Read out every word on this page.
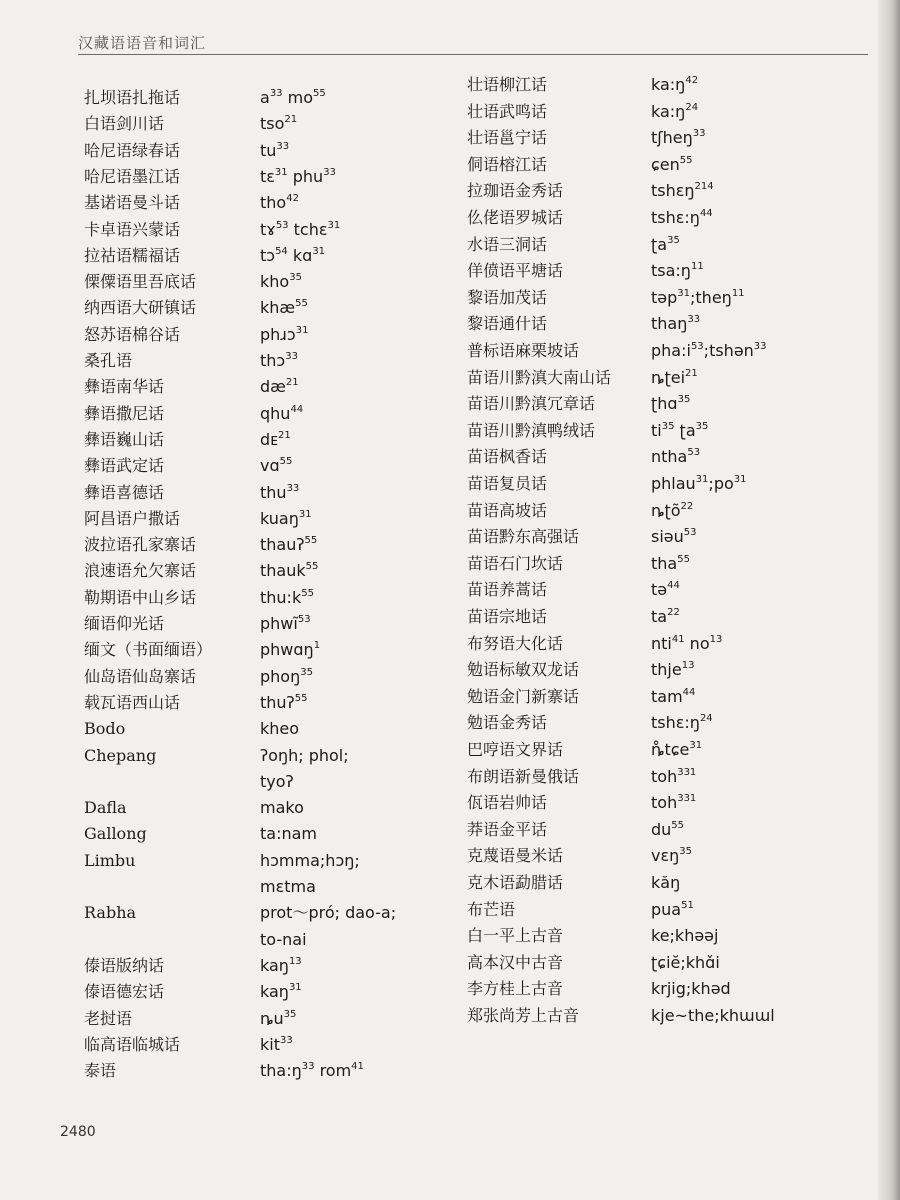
汉藏语语音和词汇
扎坝语扎拖话
白语剑川话
哈尼语绿春话
哈尼语墨江话
基诺语曼斗话
卡卓语兴蒙话
拉祜语糯福话
傈僳语里吾底话
纳西语大研镇话
怒苏语棉谷话
桑孔语
彝语南华话
彝语撒尼话
彝语巍山话
彝语武定话
彝语喜德话
阿昌语户撒话
波拉语孔家寨话
浪速语允欠寨话
勒期语中山乡话
缅语仰光话
缅文（书面缅语）
仙岛语仙岛寨话
载瓦语西山话
Bodo
Chepang
Dafla
Gallong
Limbu
Rabha
傣语版纳话
傣语德宏话
老挝语
临高语临城话
泰语
$a^{33}$ $mo^{55}$
tso$^{21}$
$tu^{33}$
tɛ$^{31}$ phu$^{33}$
tho$^{42}$
tɤ$^{53}$ tchɛ$^{31}$
tɔ$^{54}$ kɑ$^{31}$
kho$^{35}$
khæ$^{55}$
phɹɔ$^{31}$
thɔ$^{33}$
$dæ^{21}$
qhu$^{44}$
dᴇ$^{21}$
vɑ$^{55}$
thu$^{33}$
kuaŋ$^{31}$
thauʔ$^{55}$
thauk$^{55}$
$thu:k^{55}$
phwĩ$^{53}$
phwɑŋ$^1$
phoŋ$^{35}$
thuʔ$^{55}$
kheo
ʔoŋh; phol;
tyoʔ
mako
ta:nam
hɔmma;hɔŋ;
mɛtma
prot～pró; dao-a;
to-nai
kaŋ$^{13}$
kaŋ$^{31}$
$ȵu^{35}$
kit$^{33}$
$tha:ŋ^{33}$ rom$^{41}$
壮语柳江话
壮语武鸣话
壮语邕宁话
侗语榕江话
拉珈语金秀话
仫佬语罗城话
水语三洞话
佯偾语平塘话
黎语加茂话
黎语通什话
普标语麻栗坡话
苗语川黔滇大南山话
苗语川黔滇冗章话
苗语川黔滇鸭绒话
苗语枫香话
苗语复员话
苗语高坡话
苗语黔东高强话
苗语石门坎话
苗语养蒿话
苗语宗地话
布努语大化话
勉语标敏双龙话
勉语金门新寨话
勉语金秀话
巴哼语文界话
布朗语新曼俄话
佤语岩帅话
莽语金平话
克蔑语曼米话
克木语勐腊话
布芒语
白一平上古音
高本汉中古音
李方桂上古音
郑张尚芳上古音
$ka:ŋ^{42}$
$ka:ŋ^{24}$
tʃheŋ$^{33}$
ɕen$^{55}$
tshɛŋ$^{214}$
$tshɛ:ŋ^{44}$
ʈa$^{35}$
$tsa:ŋ^{11}$
təp$^{31}$;theŋ$^{11}$
thaŋ$^{33}$
$pha:i^{53};tshən^{33}$
ȵʈei$^{21}$
ʈhɑ$^{35}$
$ti^{35}$ ʈa$^{35}$
ntha$^{53}$
$phlau^{31};po^{31}$
ȵʈõ$^{22}$
siəu$^{53}$
tha$^{55}$
tə$^{44}$
$ta^{22}$
nti$^{41}$ $no^{13}$
thje$^{13}$
tam$^{44}$
$tshɛ:ŋ^{24}$
ȵ̊tɕe$^{31}$
toh$^{331}$
toh$^{331}$
$du^{55}$
vɛŋ$^{35}$
kăŋ
pua$^{51}$
ke;khəəj
ʈɕiĕ;khɑ̌i
krjig;khəd
kje~the;khɯɯl
2480
